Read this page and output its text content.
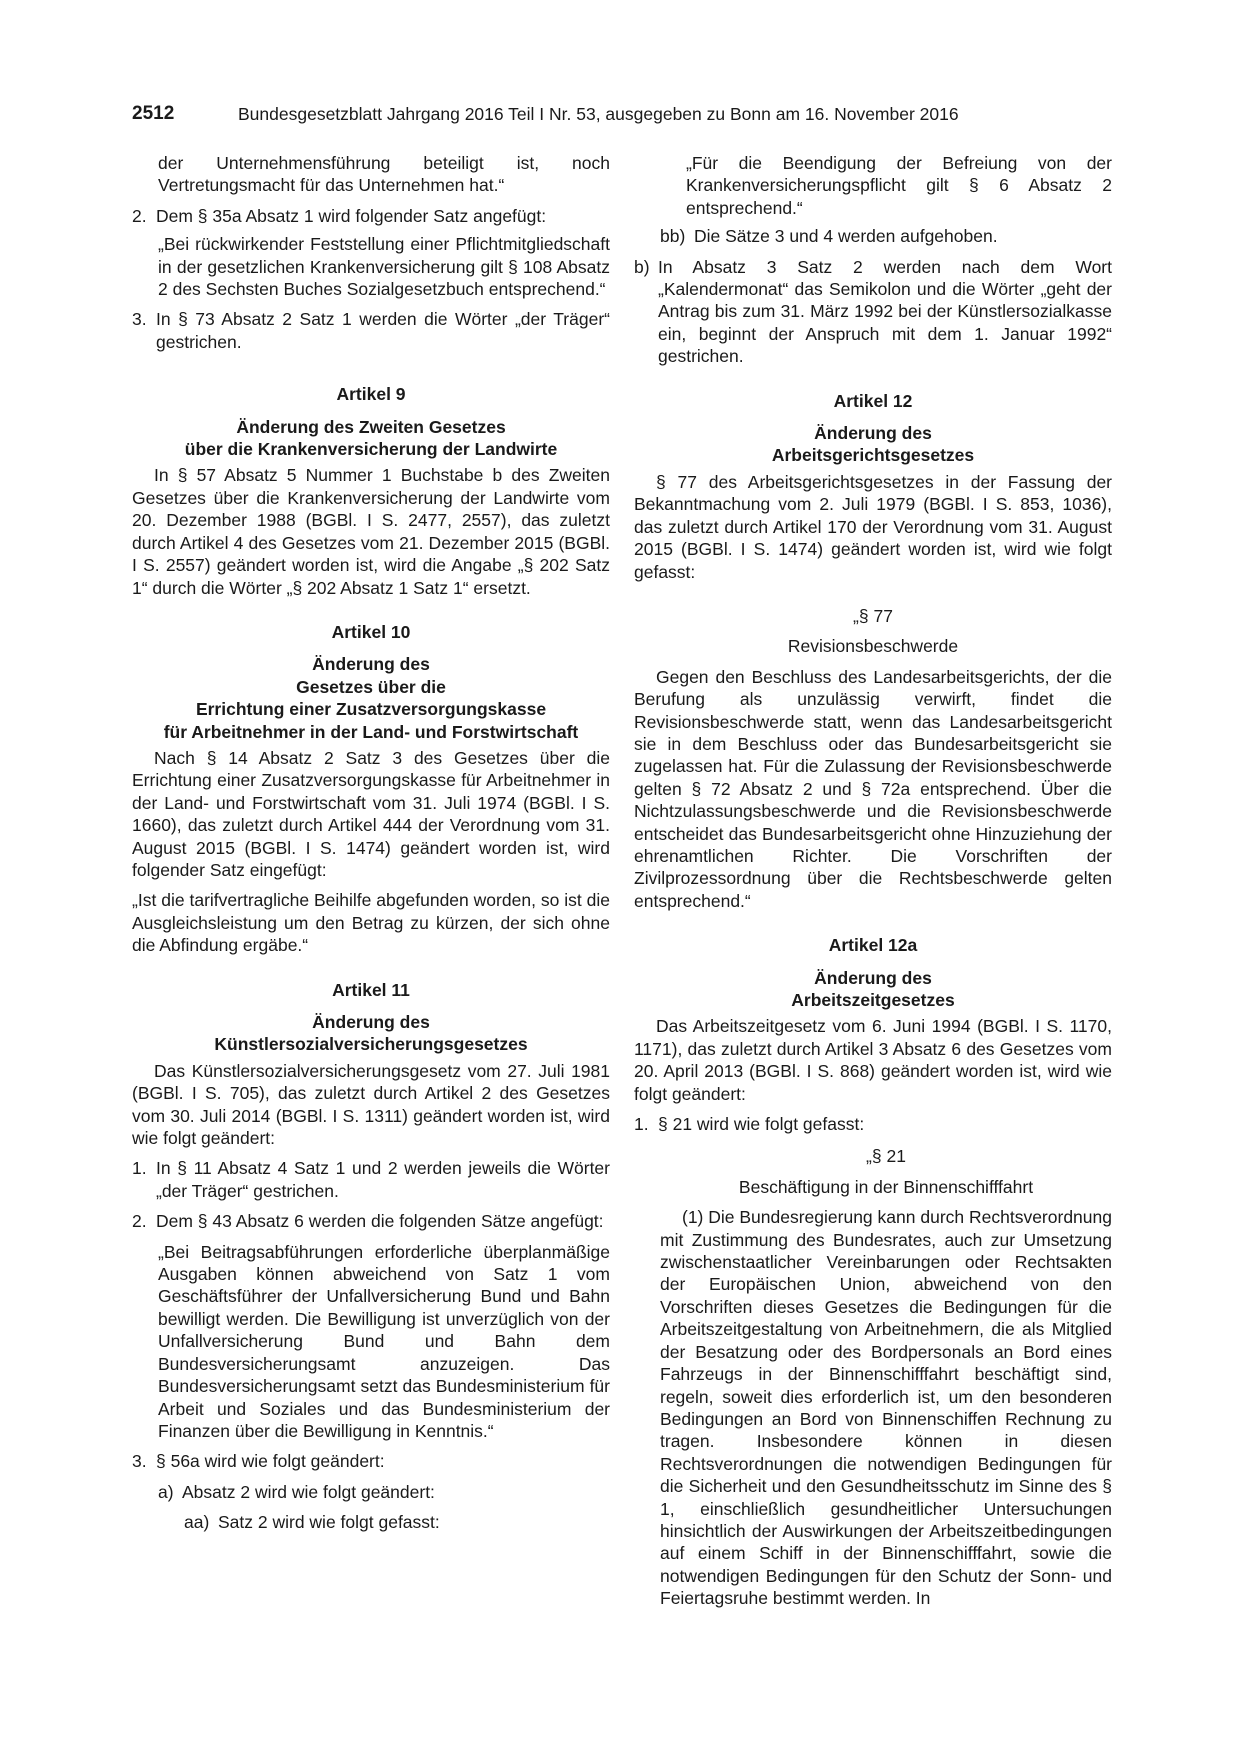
2512	Bundesgesetzblatt Jahrgang 2016 Teil I Nr. 53, ausgegeben zu Bonn am 16. November 2016

der Unternehmensführung beteiligt ist, noch Vertretungsmacht für das Unternehmen hat.“

2. Dem § 35a Absatz 1 wird folgender Satz angefügt:

„Bei rückwirkender Feststellung einer Pflichtmitgliedschaft in der gesetzlichen Krankenversicherung gilt § 108 Absatz 2 des Sechsten Buches Sozialgesetzbuch entsprechend.“

3. In § 73 Absatz 2 Satz 1 werden die Wörter „der Träger“ gestrichen.

Artikel 9

Änderung des Zweiten Gesetzes
über die Krankenversicherung der Landwirte

In § 57 Absatz 5 Nummer 1 Buchstabe b des Zweiten Gesetzes über die Krankenversicherung der Landwirte vom 20. Dezember 1988 (BGBl. I S. 2477, 2557), das zuletzt durch Artikel 4 des Gesetzes vom 21. Dezember 2015 (BGBl. I S. 2557) geändert worden ist, wird die Angabe „§ 202 Satz 1“ durch die Wörter „§ 202 Absatz 1 Satz 1“ ersetzt.

Artikel 10

Änderung des
Gesetzes über die
Errichtung einer Zusatzversorgungskasse
für Arbeitnehmer in der Land- und Forstwirtschaft

Nach § 14 Absatz 2 Satz 3 des Gesetzes über die Errichtung einer Zusatzversorgungskasse für Arbeitnehmer in der Land- und Forstwirtschaft vom 31. Juli 1974 (BGBl. I S. 1660), das zuletzt durch Artikel 444 der Verordnung vom 31. August 2015 (BGBl. I S. 1474) geändert worden ist, wird folgender Satz eingefügt:

„Ist die tarifvertragliche Beihilfe abgefunden worden, so ist die Ausgleichsleistung um den Betrag zu kürzen, der sich ohne die Abfindung ergäbe.“

Artikel 11

Änderung des
Künstlersozialversicherungsgesetzes

Das Künstlersozialversicherungsgesetz vom 27. Juli 1981 (BGBl. I S. 705), das zuletzt durch Artikel 2 des Gesetzes vom 30. Juli 2014 (BGBl. I S. 1311) geändert worden ist, wird wie folgt geändert:

1. In § 11 Absatz 4 Satz 1 und 2 werden jeweils die Wörter „der Träger“ gestrichen.
2. Dem § 43 Absatz 6 werden die folgenden Sätze angefügt:

„Bei Beitragsabführungen erforderliche überplanmäßige Ausgaben können abweichend von Satz 1 vom Geschäftsführer der Unfallversicherung Bund und Bahn bewilligt werden. Die Bewilligung ist unverzüglich von der Unfallversicherung Bund und Bahn dem Bundesversicherungsamt anzuzeigen. Das Bundesversicherungsamt setzt das Bundesministerium für Arbeit und Soziales und das Bundesministerium der Finanzen über die Bewilligung in Kenntnis.“

3. § 56a wird wie folgt geändert:
a) Absatz 2 wird wie folgt geändert:
aa) Satz 2 wird wie folgt gefasst:

„Für die Beendigung der Befreiung von der Krankenversicherungspflicht gilt § 6 Absatz 2 entsprechend.“

bb) Die Sätze 3 und 4 werden aufgehoben.
b) In Absatz 3 Satz 2 werden nach dem Wort „Kalendermonat“ das Semikolon und die Wörter „geht der Antrag bis zum 31. März 1992 bei der Künstlersozialkasse ein, beginnt der Anspruch mit dem 1. Januar 1992“ gestrichen.

Artikel 12

Änderung des
Arbeitsgerichtsgesetzes

§ 77 des Arbeitsgerichtsgesetzes in der Fassung der Bekanntmachung vom 2. Juli 1979 (BGBl. I S. 853, 1036), das zuletzt durch Artikel 170 der Verordnung vom 31. August 2015 (BGBl. I S. 1474) geändert worden ist, wird wie folgt gefasst:

„§ 77

Revisionsbeschwerde

Gegen den Beschluss des Landesarbeitsgerichts, der die Berufung als unzulässig verwirft, findet die Revisionsbeschwerde statt, wenn das Landesarbeitsgericht sie in dem Beschluss oder das Bundesarbeitsgericht sie zugelassen hat. Für die Zulassung der Revisionsbeschwerde gelten § 72 Absatz 2 und § 72a entsprechend. Über die Nichtzulassungsbeschwerde und die Revisionsbeschwerde entscheidet das Bundesarbeitsgericht ohne Hinzuziehung der ehrenamtlichen Richter. Die Vorschriften der Zivilprozessordnung über die Rechtsbeschwerde gelten entsprechend.“

Artikel 12a

Änderung des
Arbeitszeitgesetzes

Das Arbeitszeitgesetz vom 6. Juni 1994 (BGBl. I S. 1170, 1171), das zuletzt durch Artikel 3 Absatz 6 des Gesetzes vom 20. April 2013 (BGBl. I S. 868) geändert worden ist, wird wie folgt geändert:

1. § 21 wird wie folgt gefasst:

„§ 21

Beschäftigung in der Binnenschifffahrt

(1) Die Bundesregierung kann durch Rechtsverordnung mit Zustimmung des Bundesrates, auch zur Umsetzung zwischenstaatlicher Vereinbarungen oder Rechtsakten der Europäischen Union, abweichend von den Vorschriften dieses Gesetzes die Bedingungen für die Arbeitszeitgestaltung von Arbeitnehmern, die als Mitglied der Besatzung oder des Bordpersonals an Bord eines Fahrzeugs in der Binnenschifffahrt beschäftigt sind, regeln, soweit dies erforderlich ist, um den besonderen Bedingungen an Bord von Binnenschiffen Rechnung zu tragen. Insbesondere können in diesen Rechtsverordnungen die notwendigen Bedingungen für die Sicherheit und den Gesundheitsschutz im Sinne des § 1, einschließlich gesundheitlicher Untersuchungen hinsichtlich der Auswirkungen der Arbeitszeitbedingungen auf einem Schiff in der Binnenschifffahrt, sowie die notwendigen Bedingungen für den Schutz der Sonn- und Feiertagsruhe bestimmt werden. In
